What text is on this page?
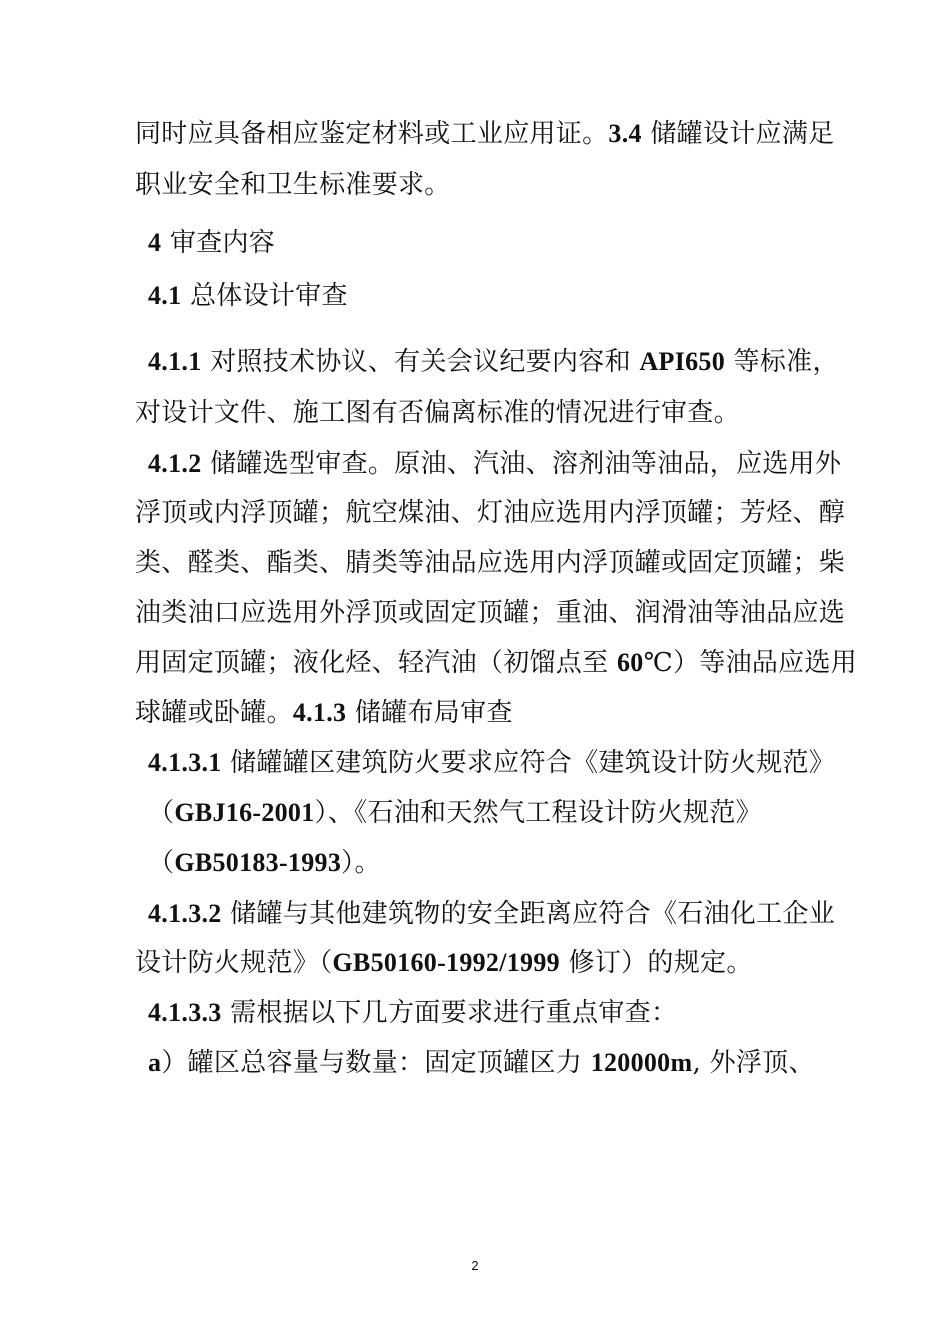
同时应具备相应鉴定材料或工业应用证。3.4 储罐设计应满足
职业安全和卫生标准要求。
4 审查内容
4.1 总体设计审查
4.1.1 对照技术协议、有关会议纪要内容和 API650 等标准，
对设计文件、施工图有否偏离标准的情况进行审查。
4.1.2 储罐选型审查。原油、汽油、溶剂油等油品，应选用外
浮顶或内浮顶罐；航空煤油、灯油应选用内浮顶罐；芳烃、醇
类、醛类、酯类、腈类等油品应选用内浮顶罐或固定顶罐；柴
油类油口应选用外浮顶或固定顶罐；重油、润滑油等油品应选
用固定顶罐；液化烃、轻汽油（初馏点至 60℃）等油品应选用
球罐或卧罐。4.1.3 储罐布局审查
4.1.3.1 储罐罐区建筑防火要求应符合《建筑设计防火规范》
（GBJ16-2001）、《石油和天然气工程设计防火规范》
（GB50183-1993）。
4.1.3.2 储罐与其他建筑物的安全距离应符合《石油化工企业
设计防火规范》（GB50160-1992/1999 修订）的规定。
4.1.3.3 需根据以下几方面要求进行重点审查：
a）罐区总容量与数量：固定顶罐区力 120000m, 外浮顶、
2
